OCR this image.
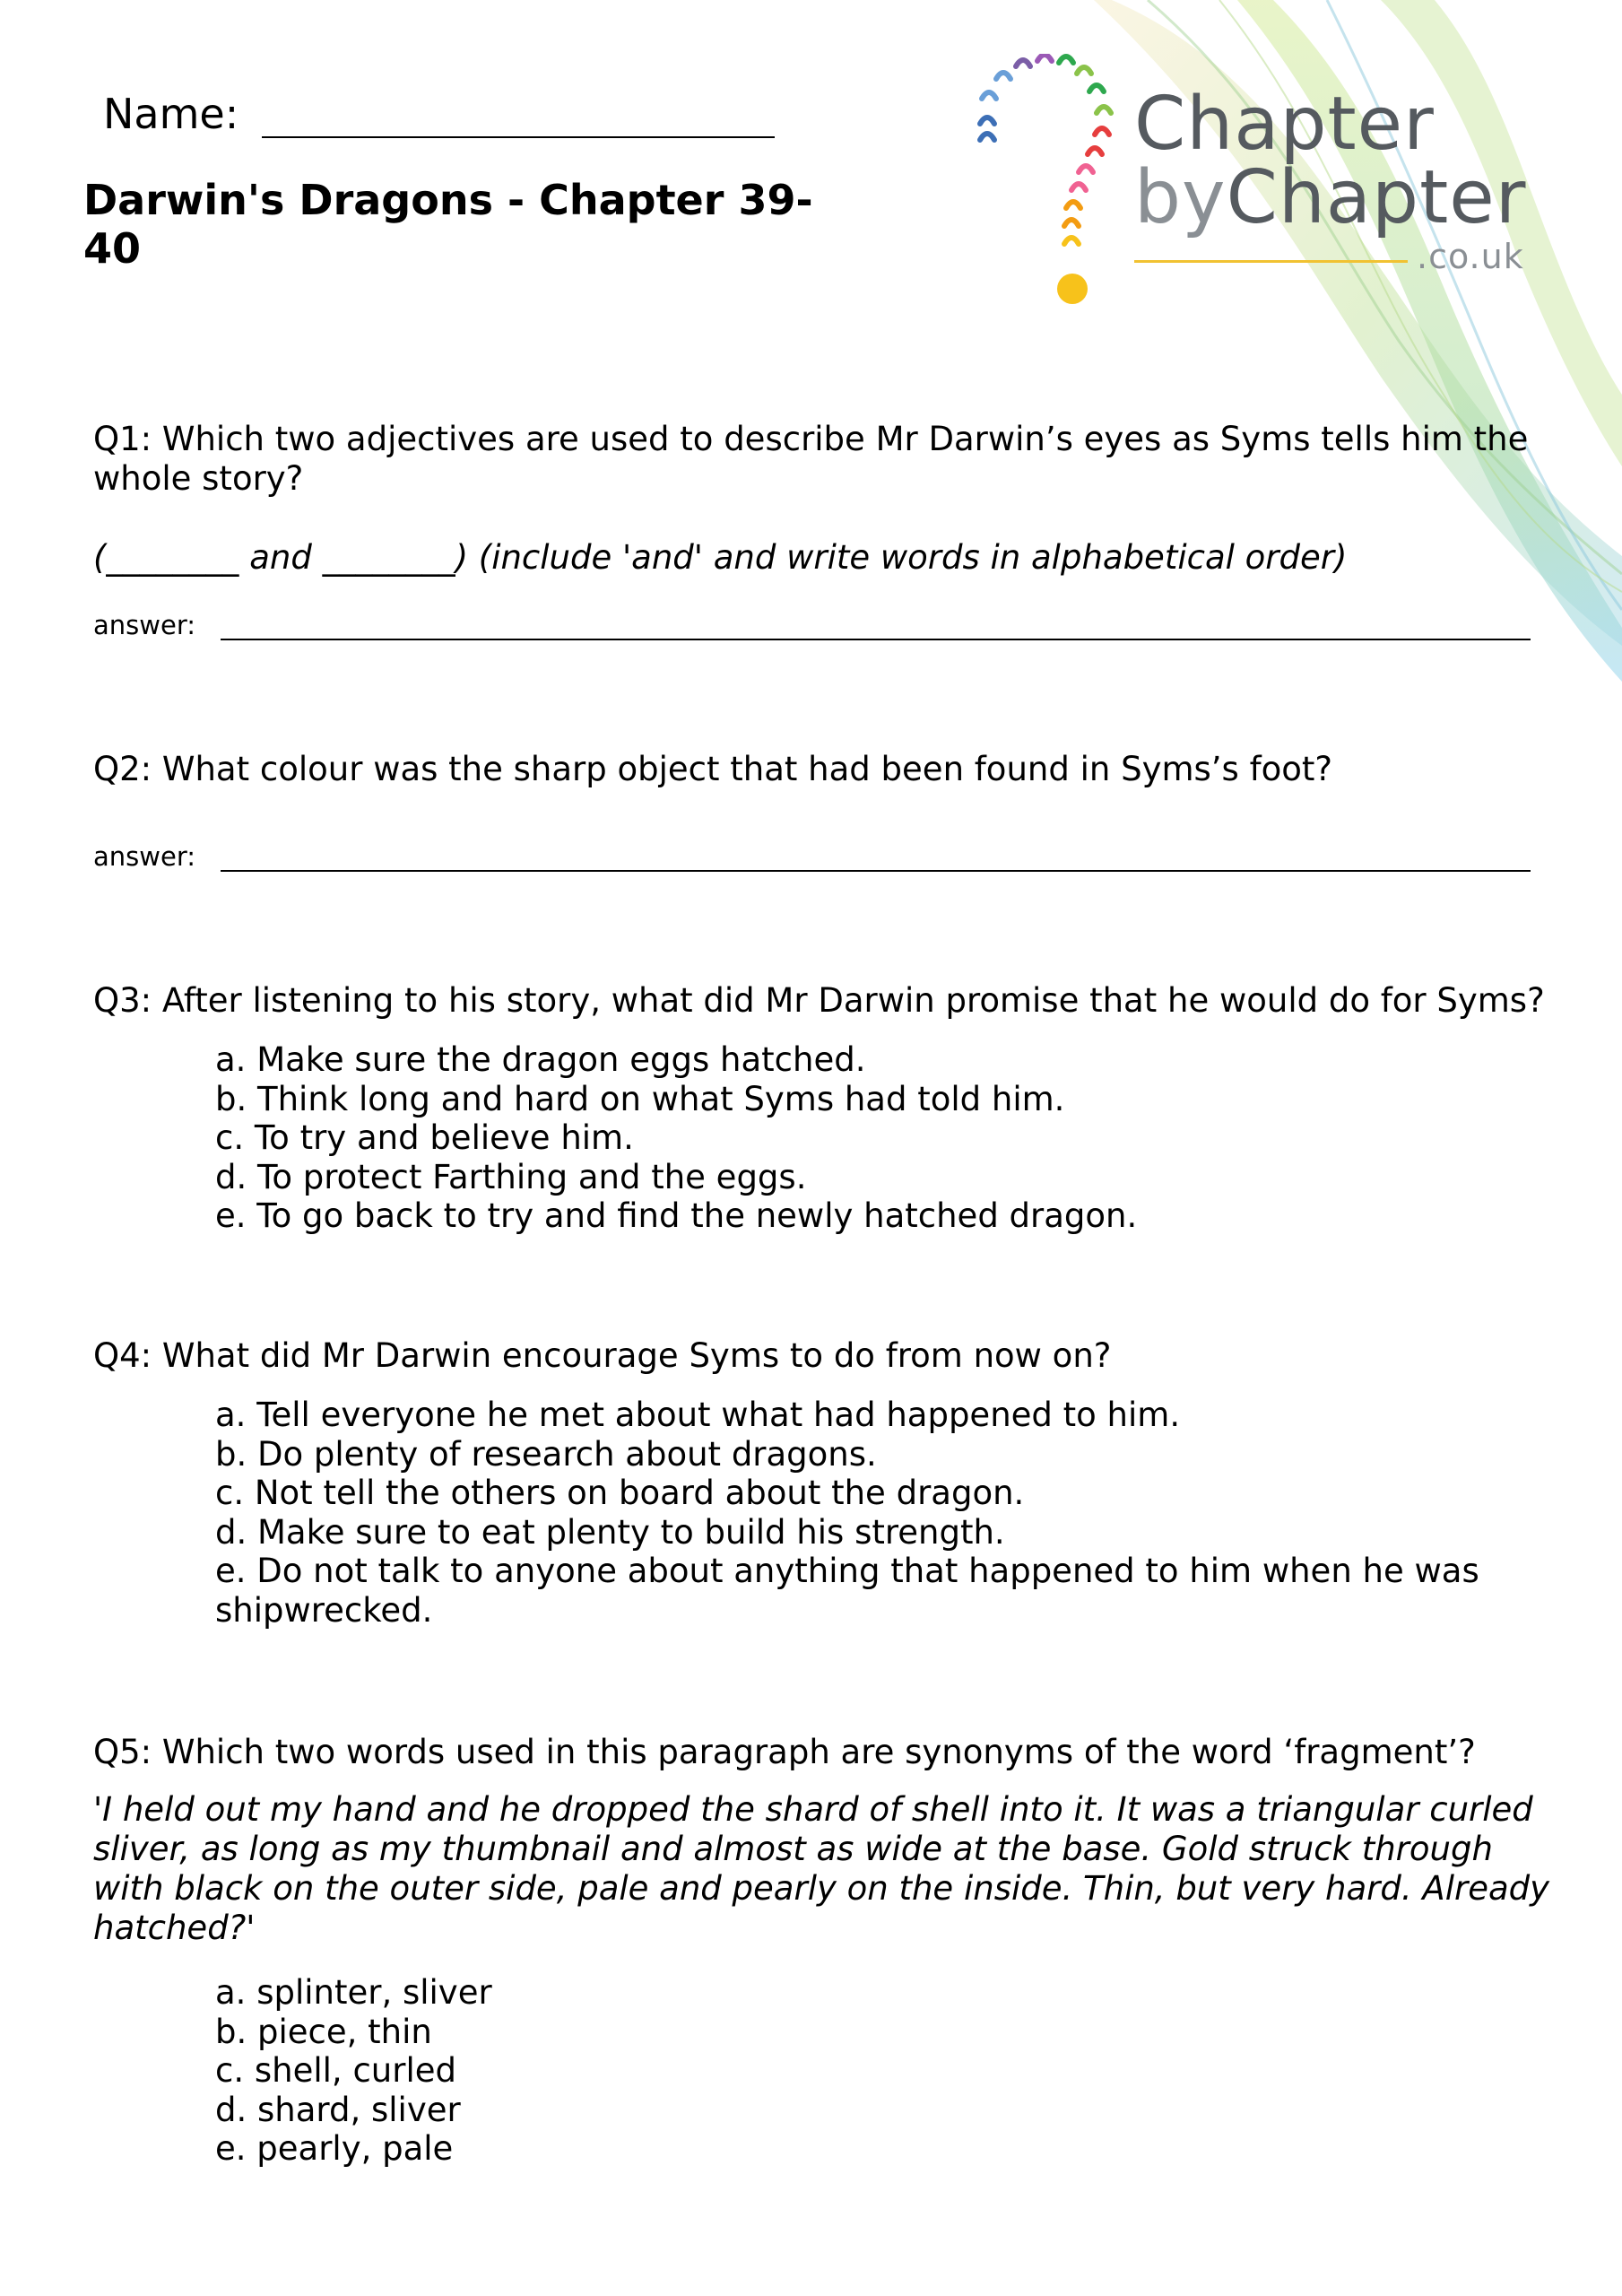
Name:
Darwin's Dragons - Chapter 39-40
Chapter
byChapter
.co.uk
Q1: Which two adjectives are used to describe Mr Darwin’s eyes as Syms tells him the whole story?
(________ and ________) (include 'and' and write words in alphabetical order)
answer:
Q2: What colour was the sharp object that had been found in Syms’s foot?
answer:
Q3: After listening to his story, what did Mr Darwin promise that he would do for Syms?
a. Make sure the dragon eggs hatched.
b. Think long and hard on what Syms had told him.
c. To try and believe him.
d. To protect Farthing and the eggs.
e. To go back to try and find the newly hatched dragon.
Q4: What did Mr Darwin encourage Syms to do from now on?
a. Tell everyone he met about what had happened to him.
b. Do plenty of research about dragons.
c. Not tell the others on board about the dragon.
d. Make sure to eat plenty to build his strength.
e. Do not talk to anyone about anything that happened to him when he was shipwrecked.
Q5: Which two words used in this paragraph are synonyms of the word ‘fragment’?
'I held out my hand and he dropped the shard of shell into it. It was a triangular curled sliver, as long as my thumbnail and almost as wide at the base. Gold struck through with black on the outer side, pale and pearly on the inside. Thin, but very hard. Already hatched?'
a. splinter, sliver
b. piece, thin
c. shell, curled
d. shard, sliver
e. pearly, pale
